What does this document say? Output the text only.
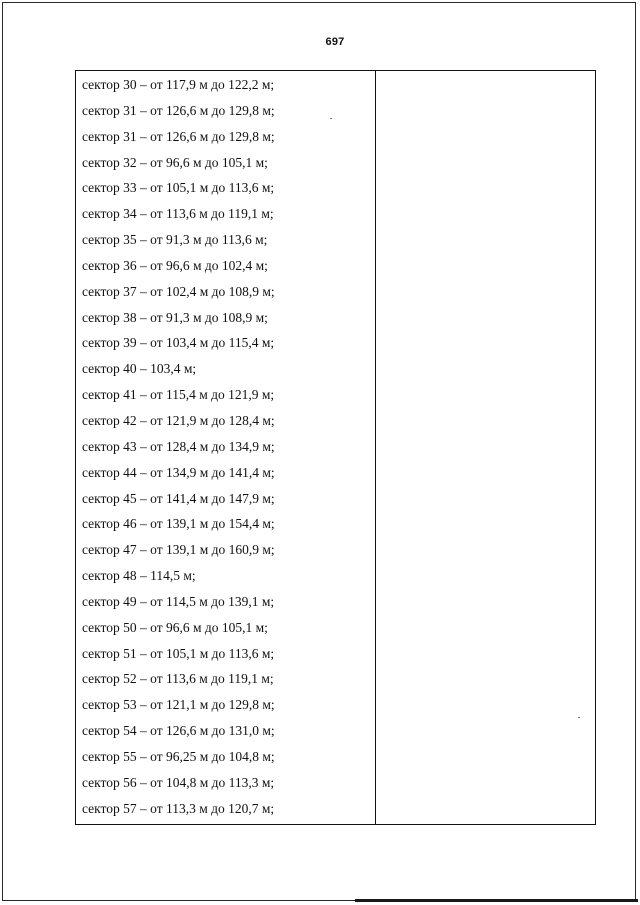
697
сектор 30 – от 117,9 м до 122,2 м;
сектор 31 – от 126,6 м до 129,8 м;
сектор 31 – от 126,6 м до 129,8 м;
сектор 32 – от 96,6 м до 105,1 м;
сектор 33 – от 105,1 м до 113,6 м;
сектор 34 – от 113,6 м до 119,1 м;
сектор 35 – от 91,3 м до 113,6 м;
сектор 36 – от 96,6 м до 102,4 м;
сектор 37 – от 102,4 м до 108,9 м;
сектор 38 – от 91,3 м до 108,9 м;
сектор 39 – от 103,4 м до 115,4 м;
сектор 40 – 103,4 м;
сектор 41 – от 115,4 м до 121,9 м;
сектор 42 – от 121,9 м до 128,4 м;
сектор 43 – от 128,4 м до 134,9 м;
сектор 44 – от 134,9 м до 141,4 м;
сектор 45 – от 141,4 м до 147,9 м;
сектор 46 – от 139,1 м до 154,4 м;
сектор 47 – от 139,1 м до 160,9 м;
сектор 48 – 114,5 м;
сектор 49 – от 114,5 м до 139,1 м;
сектор 50 – от 96,6 м до 105,1 м;
сектор 51 – от 105,1 м до 113,6 м;
сектор 52 – от 113,6 м до 119,1 м;
сектор 53 – от 121,1 м до 129,8 м;
сектор 54 – от 126,6 м до 131,0 м;
сектор 55 – от 96,25 м до 104,8 м;
сектор 56 – от 104,8 м до 113,3 м;
сектор 57 – от 113,3 м до 120,7 м;
